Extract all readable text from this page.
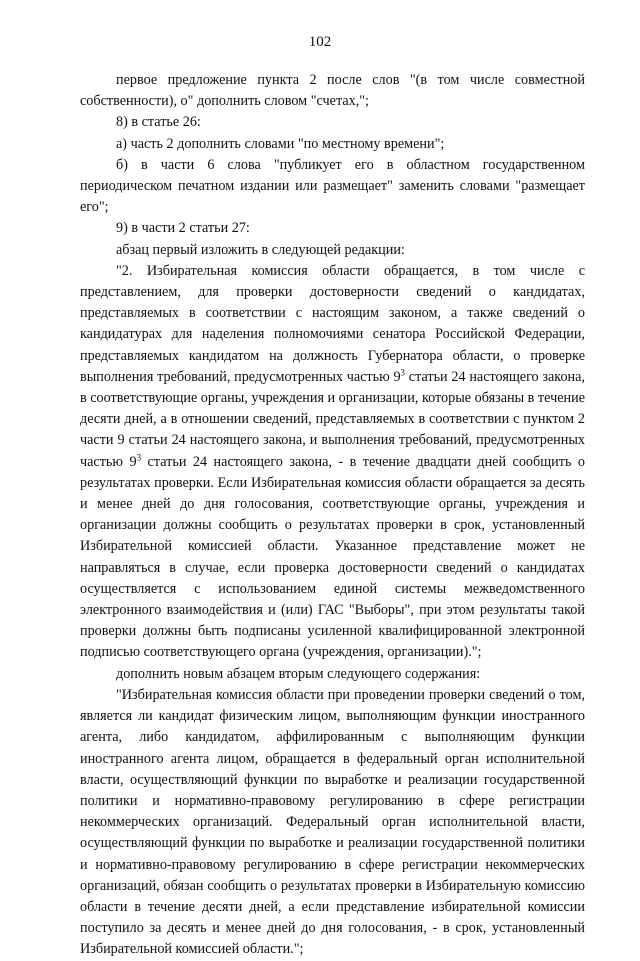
102

первое предложение пункта 2 после слов "(в том числе совместной собственности), о" дополнить словом "счетах,";

8) в статье 26:

а) часть 2 дополнить словами "по местному времени";

б) в части 6 слова "публикует его в областном государственном периодическом печатном издании или размещает" заменить словами "размещает его";

9) в части 2 статьи 27:

абзац первый изложить в следующей редакции:

"2. Избирательная комиссия области обращается, в том числе с представлением, для проверки достоверности сведений о кандидатах, представляемых в соответствии с настоящим законом, а также сведений о кандидатурах для наделения полномочиями сенатора Российской Федерации, представляемых кандидатом на должность Губернатора области, о проверке выполнения требований, предусмотренных частью $9^3$ статьи 24 настоящего закона, в соответствующие органы, учреждения и организации, которые обязаны в течение десяти дней, а в отношении сведений, представляемых в соответствии с пунктом 2 части 9 статьи 24 настоящего закона, и выполнения требований, предусмотренных частью $9^3$ статьи 24 настоящего закона, - в течение двадцати дней сообщить о результатах проверки. Если Избирательная комиссия области обращается за десять и менее дней до дня голосования, соответствующие органы, учреждения и организации должны сообщить о результатах проверки в срок, установленный Избирательной комиссией области. Указанное представление может не направляться в случае, если проверка достоверности сведений о кандидатах осуществляется с использованием единой системы межведомственного электронного взаимодействия и (или) ГАС "Выборы", при этом результаты такой проверки должны быть подписаны усиленной квалифицированной электронной подписью соответствующего органа (учреждения, организации).";

дополнить новым абзацем вторым следующего содержания:

"Избирательная комиссия области при проведении проверки сведений о том, является ли кандидат физическим лицом, выполняющим функции иностранного агента, либо кандидатом, аффилированным с выполняющим функции иностранного агента лицом, обращается в федеральный орган исполнительной власти, осуществляющий функции по выработке и реализации государственной политики и нормативно-правовому регулированию в сфере регистрации некоммерческих организаций. Федеральный орган исполнительной власти, осуществляющий функции по выработке и реализации государственной политики и нормативно-правовому регулированию в сфере регистрации некоммерческих организаций, обязан сообщить о результатах проверки в Избирательную комиссию области в течение десяти дней, а если представление избирательной комиссии поступило за десять и менее дней до дня голосования, - в срок, установленный Избирательной комиссией области.";
